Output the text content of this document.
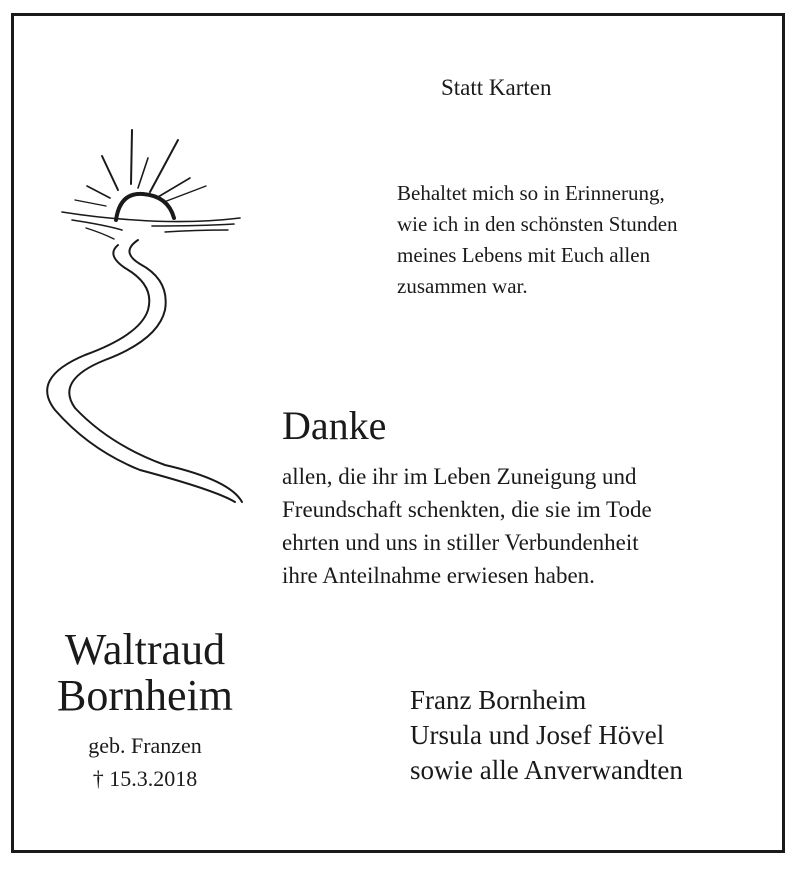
Statt Karten
Behaltet mich so in Erinnerung,
wie ich in den schönsten Stunden
meines Lebens mit Euch allen
zusammen war.
Danke
allen, die ihr im Leben Zuneigung und
Freundschaft schenkten, die sie im Tode
ehrten und uns in stiller Verbundenheit
ihre Anteilnahme erwiesen haben.
Waltraud
Bornheim
geb. Franzen
† 15.3.2018
Franz Bornheim
Ursula und Josef Hövel
sowie alle Anverwandten
